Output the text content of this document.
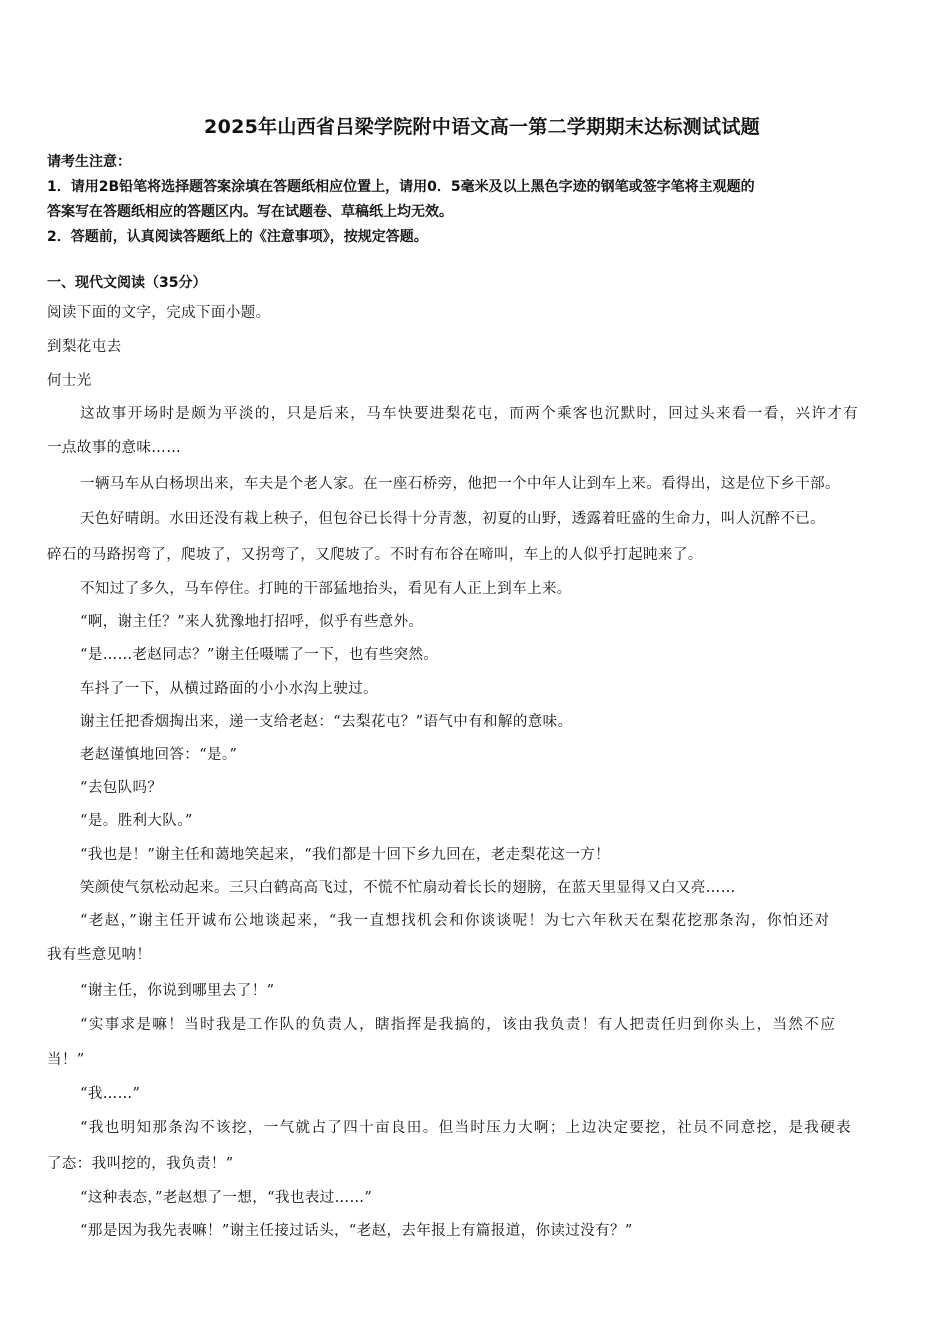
2025年山西省吕梁学院附中语文高一第二学期期末达标测试试题

请考生注意：

1．请用2B铅笔将选择题答案涂填在答题纸相应位置上，请用0．5毫米及以上黑色字迹的钢笔或签字笔将主观题的

答案写在答题纸相应的答题区内。写在试题卷、草稿纸上均无效。

2．答题前，认真阅读答题纸上的《注意事项》，按规定答题。

一、现代文阅读（35分）

阅读下面的文字，完成下面小题。

到梨花屯去

何士光

这故事开场时是颇为平淡的，只是后来，马车快要进梨花屯，而两个乘客也沉默时，回过头来看一看，兴许才有

一点故事的意味……

一辆马车从白杨坝出来，车夫是个老人家。在一座石桥旁，他把一个中年人让到车上来。看得出，这是位下乡干部。

天色好晴朗。水田还没有栽上秧子，但包谷已长得十分青葱，初夏的山野，透露着旺盛的生命力，叫人沉醉不已。

碎石的马路拐弯了，爬坡了，又拐弯了，又爬坡了。不时有布谷在啼叫，车上的人似乎打起盹来了。

不知过了多久，马车停住。打盹的干部猛地抬头，看见有人正上到车上来。

“啊，谢主任？”来人犹豫地打招呼，似乎有些意外。

“是……老赵同志？”谢主任嗫嚅了一下，也有些突然。

车抖了一下，从横过路面的小小水沟上驶过。

谢主任把香烟掏出来，递一支给老赵：“去梨花屯？”语气中有和解的意味。

老赵谨慎地回答：“是。”

“去包队吗？

“是。胜利大队。”

“我也是！”谢主任和蔼地笑起来，“我们都是十回下乡九回在，老走梨花这一方！

笑颜使气氛松动起来。三只白鹤高高飞过，不慌不忙扇动着长长的翅膀，在蓝天里显得又白又亮……

“老赵，”谢主任开诚布公地谈起来，“我一直想找机会和你谈谈呢！为七六年秋天在梨花挖那条沟，你怕还对

我有些意见呐！

“谢主任，你说到哪里去了！”

“实事求是嘛！当时我是工作队的负责人，瞎指挥是我搞的，该由我负责！有人把责任归到你头上，当然不应

当！”

“我……”

“我也明知那条沟不该挖，一气就占了四十亩良田。但当时压力大啊；上边决定要挖，社员不同意挖，是我硬表

了态：我叫挖的，我负责！”

“这种表态，”老赵想了一想，“我也表过……”

“那是因为我先表嘛！”谢主任接过话头，“老赵，去年报上有篇报道，你读过没有？”
